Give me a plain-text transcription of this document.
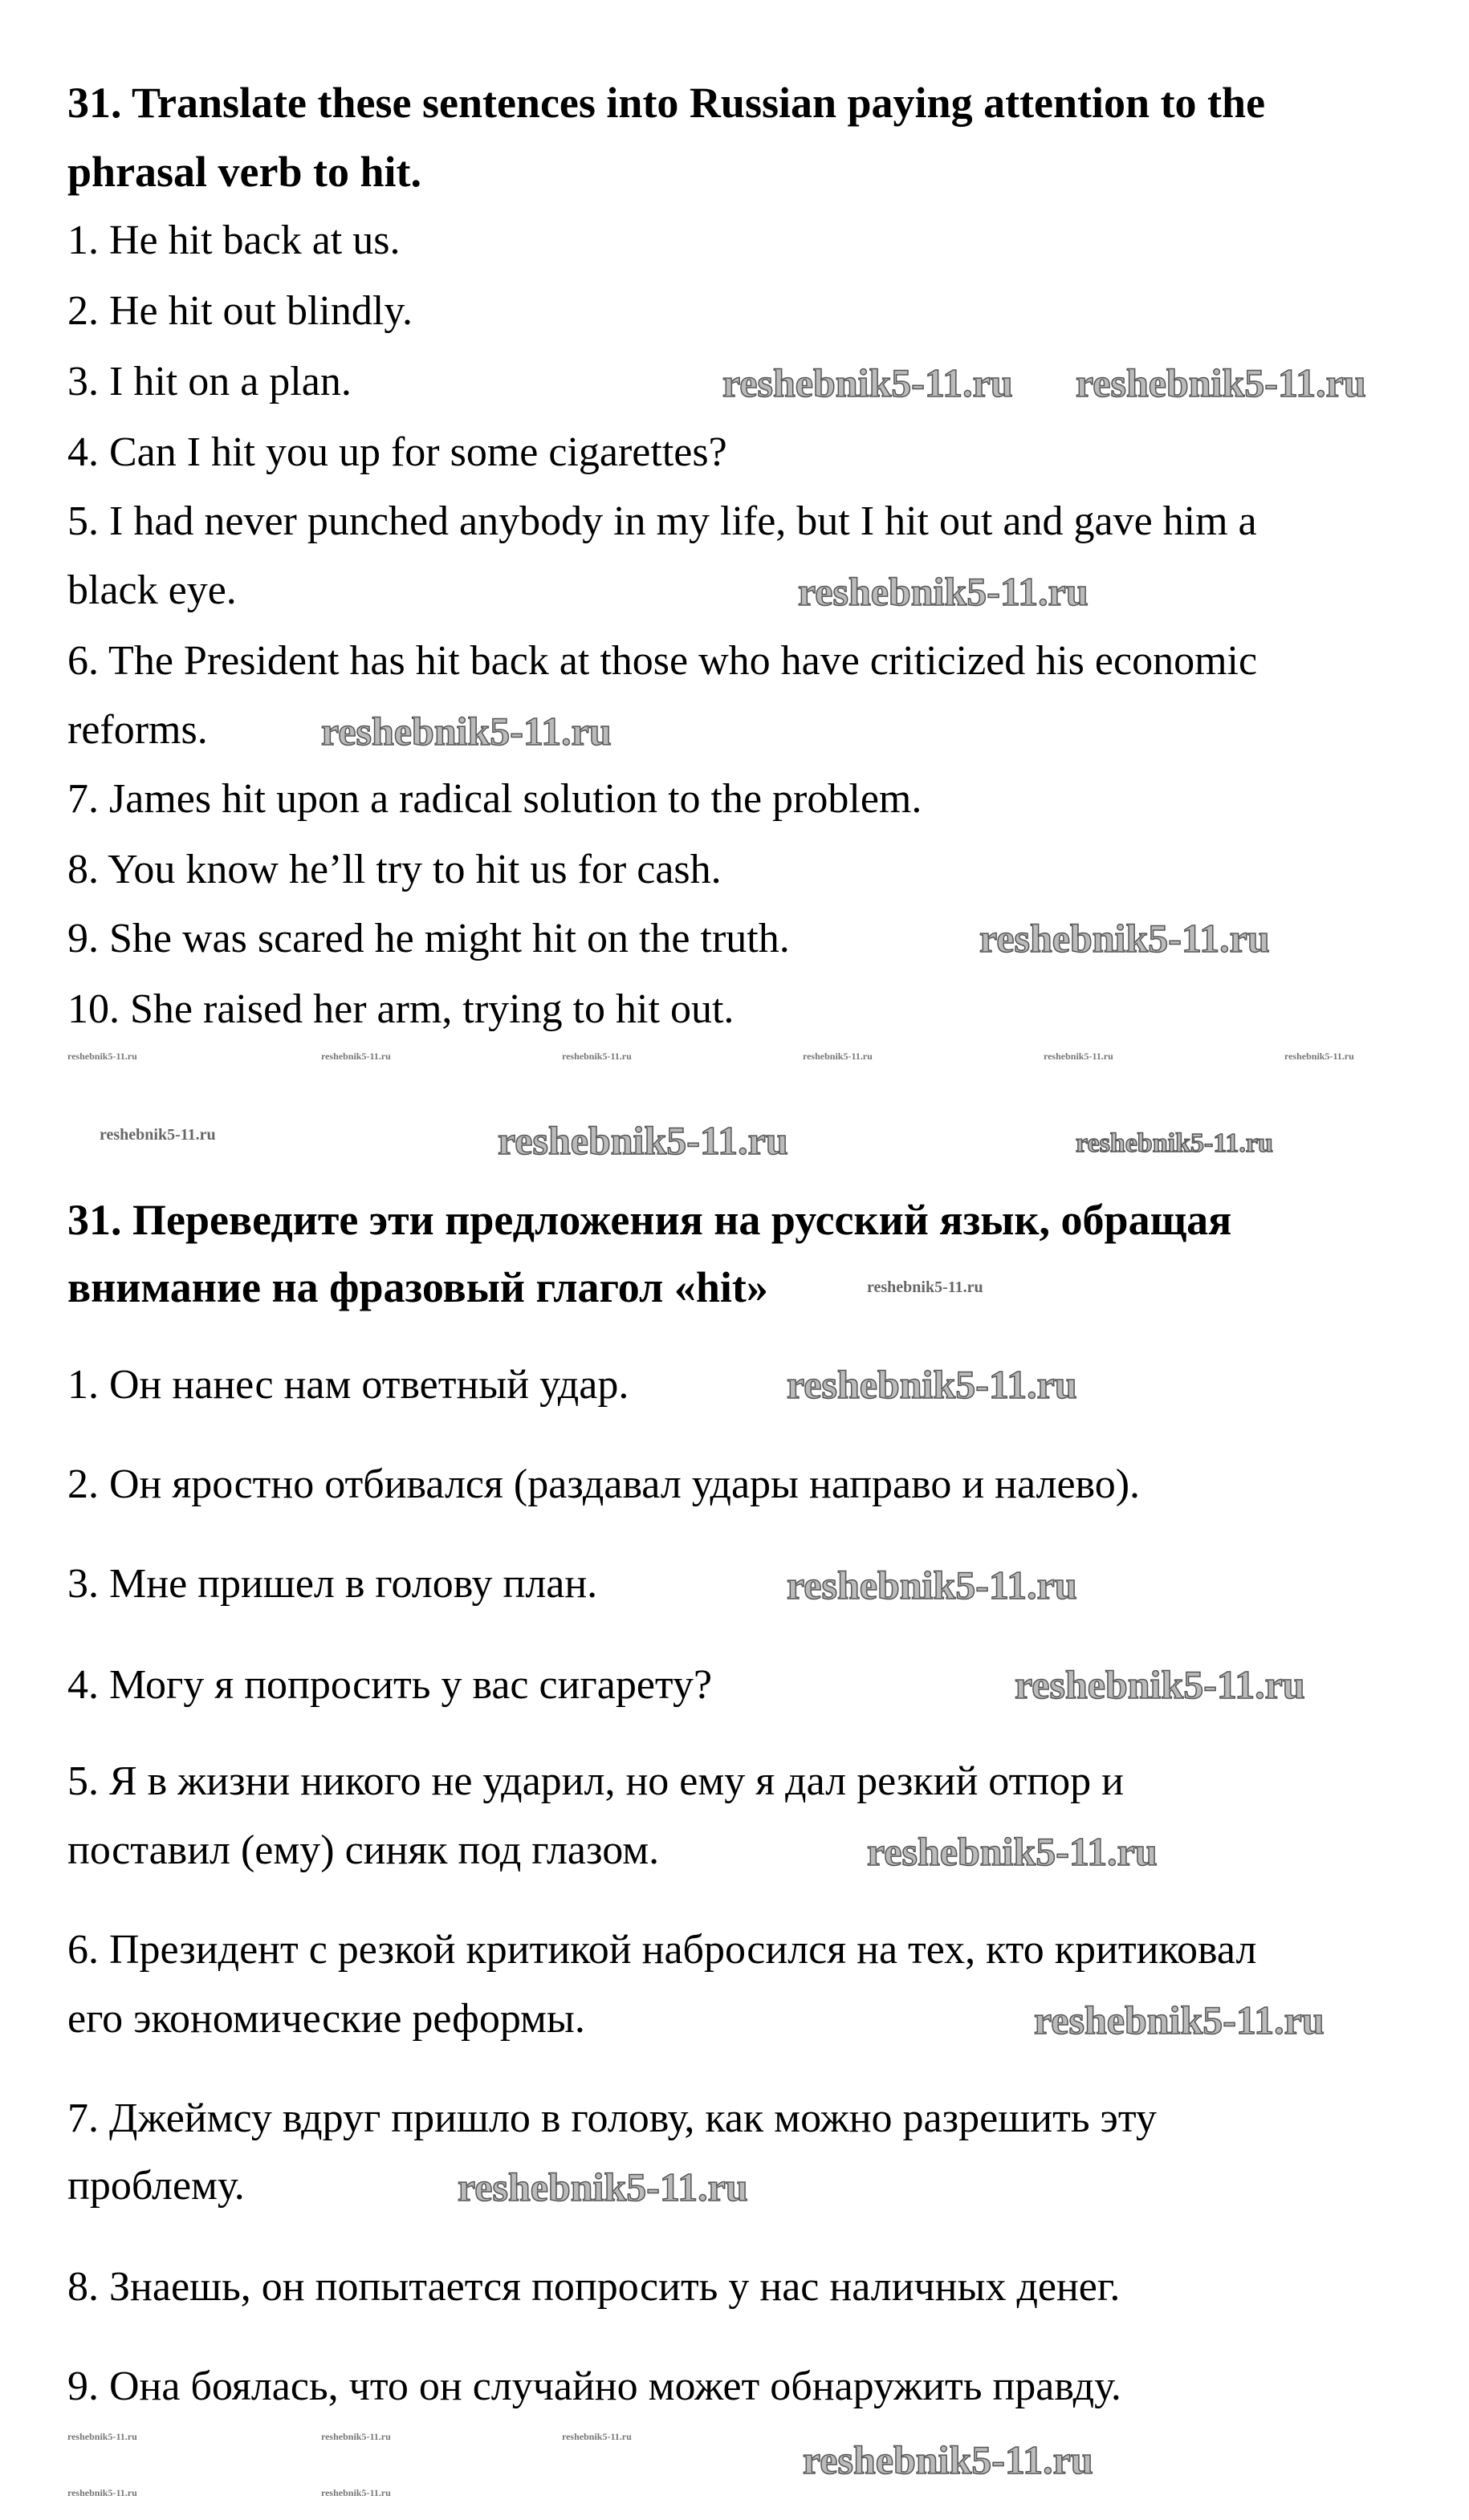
reshebnik5-11.ru	reshebnik5-11.ru	reshebnik5-11.ru	reshebnik5-11.ru	reshebnik5-11.ru	reshebnik5-11.ru
reshebnik5-11.ru reshebnik5-11.ru
reshebnik5-11.ru
reshebnik5-11.ru
reshebnik5-11.ru
reshebnik5-11.ru	reshebnik5-11.ru	reshebnik5-11.ru
reshebnik5-11.ru
reshebnik5-11.ru
reshebnik5-11.ru
reshebnik5-11.ru
reshebnik5-11.ru
reshebnik5-11.ru
reshebnik5-11.ru
reshebnik5-11.ru
reshebnik5-11.ru
reshebnik5-11.ru
reshebnik5-11.ru
reshebnik5-11.ru
reshebnik5-11.ru
31. Translate these sentences into Russian paying attention to the
phrasal verb to hit.
1. He hit back at us.
2. He hit out blindly.
3. I hit on a plan.
4. Can I hit you up for some cigarettes?
5. I had never punched anybody in my life, but I hit out and gave him a
black eye.
6. The President has hit back at those who have criticized his economic
reforms.
7. James hit upon a radical solution to the problem.
8. You know he’ll try to hit us for cash.
9. She was scared he might hit on the truth.
10. She raised her arm, trying to hit out.
31. Переведите эти предложения на русский язык, обращая
внимание на фразовый глагол «hit»
1. Он нанес нам ответный удар.
2. Он яростно отбивался (раздавал удары направо и налево).
3. Мне пришел в голову план.
4. Могу я попросить у вас сигарету?
5. Я в жизни никого не ударил, но ему я дал резкий отпор и
поставил (ему) синяк под глазом.
6. Президент с резкой критикой набросился на тех, кто критиковал
его экономические реформы.
7. Джеймсу вдруг пришло в голову, как можно разрешить эту
проблему.
8. Знаешь, он попытается попросить у нас наличных денег.
9. Она боялась, что он случайно может обнаружить правду.
